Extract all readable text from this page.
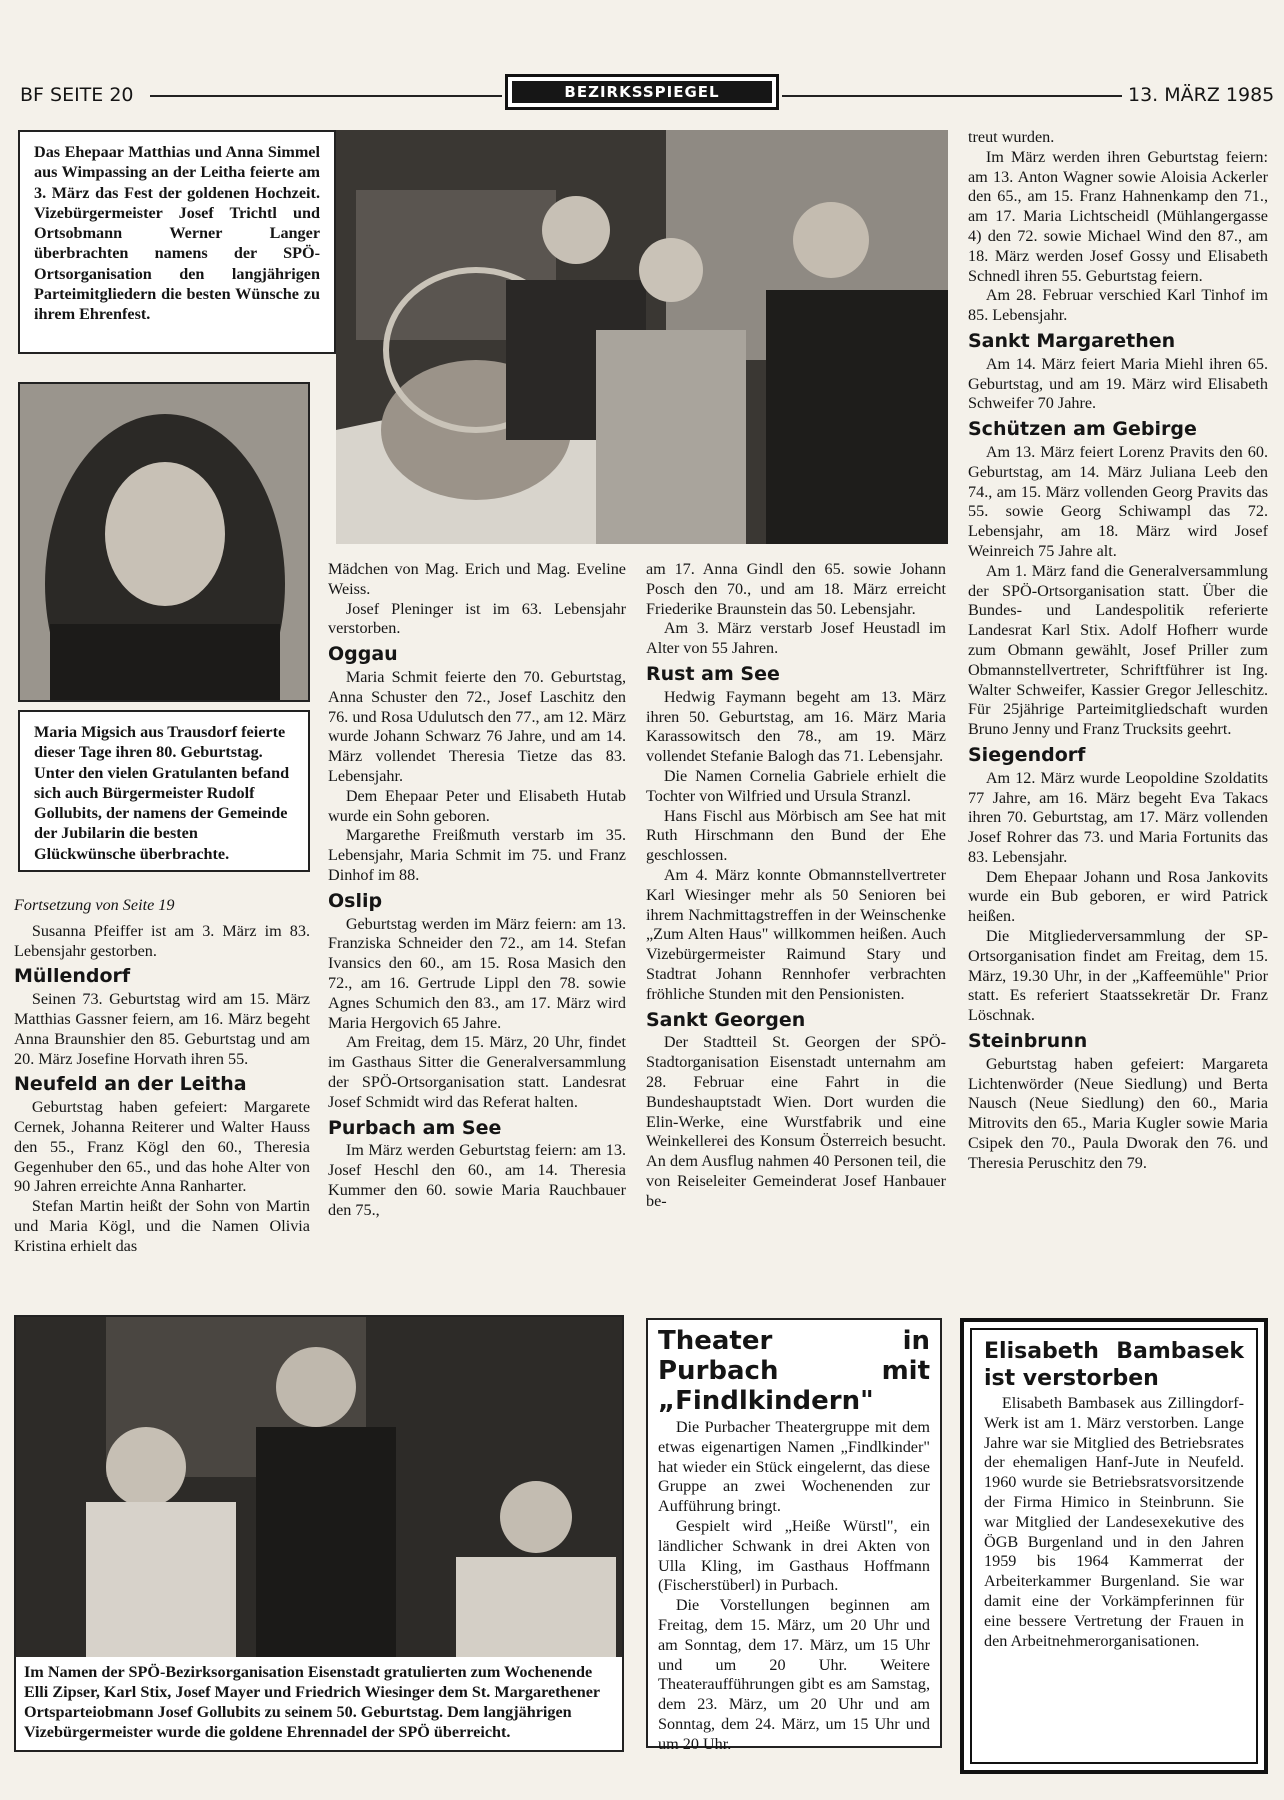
BF SEITE 20	BEZIRKSSPIEGEL	13. MÄRZ 1985
Das Ehepaar Matthias und Anna Simmel aus Wimpassing an der Leitha feierte am 3. März das Fest der goldenen Hochzeit. Vizebürgermeister Josef Trichtl und Ortsobmann Werner Langer überbrachten namens der SPÖ-Ortsorganisation den langjährigen Parteimitgliedern die besten Wünsche zu ihrem Ehrenfest.
Maria Migsich aus Trausdorf feierte dieser Tage ihren 80. Geburtstag. Unter den vielen Gratulanten befand sich auch Bürgermeister Rudolf Gollubits, der namens der Gemeinde der Jubilarin die besten Glückwünsche überbrachte.

Fortsetzung von Seite 19

Susanna Pfeiffer ist am 3. März im 83. Lebensjahr gestorben.

Müllendorf

Seinen 73. Geburtstag wird am 15. März Matthias Gassner feiern, am 16. März begeht Anna Braunshier den 85. Geburtstag und am 20. März Josefine Horvath ihren 55.

Neufeld an der Leitha

Geburtstag haben gefeiert: Margarete Cernek, Johanna Reiterer und Walter Hauss den 55., Franz Kögl den 60., Theresia Gegenhuber den 65., und das hohe Alter von 90 Jahren erreichte Anna Ranharter.

Stefan Martin heißt der Sohn von Martin und Maria Kögl, und die Namen Olivia Kristina erhielt das

Mädchen von Mag. Erich und Mag. Eveline Weiss.

Josef Pleninger ist im 63. Lebensjahr verstorben.

Oggau

Maria Schmit feierte den 70. Geburtstag, Anna Schuster den 72., Josef Laschitz den 76. und Rosa Udulutsch den 77., am 12. März wurde Johann Schwarz 76 Jahre, und am 14. März vollendet Theresia Tietze das 83. Lebensjahr.

Dem Ehepaar Peter und Elisabeth Hutab wurde ein Sohn geboren.

Margarethe Freißmuth verstarb im 35. Lebensjahr, Maria Schmit im 75. und Franz Dinhof im 88.

Oslip

Geburtstag werden im März feiern: am 13. Franziska Schneider den 72., am 14. Stefan Ivansics den 60., am 15. Rosa Masich den 72., am 16. Gertrude Lippl den 78. sowie Agnes Schumich den 83., am 17. März wird Maria Hergovich 65 Jahre.

Am Freitag, dem 15. März, 20 Uhr, findet im Gasthaus Sitter die Generalversammlung der SPÖ-Ortsorganisation statt. Landesrat Josef Schmidt wird das Referat halten.

Purbach am See

Im März werden Geburtstag feiern: am 13. Josef Heschl den 60., am 14. Theresia Kummer den 60. sowie Maria Rauchbauer den 75.,

am 17. Anna Gindl den 65. sowie Johann Posch den 70., und am 18. März erreicht Friederike Braunstein das 50. Lebensjahr.

Am 3. März verstarb Josef Heustadl im Alter von 55 Jahren.

Rust am See

Hedwig Faymann begeht am 13. März ihren 50. Geburtstag, am 16. März Maria Karassowitsch den 78., am 19. März vollendet Stefanie Balogh das 71. Lebensjahr.

Die Namen Cornelia Gabriele erhielt die Tochter von Wilfried und Ursula Stranzl.

Hans Fischl aus Mörbisch am See hat mit Ruth Hirschmann den Bund der Ehe geschlossen.

Am 4. März konnte Obmannstellvertreter Karl Wiesinger mehr als 50 Senioren bei ihrem Nachmittagstreffen in der Weinschenke „Zum Alten Haus" willkommen heißen. Auch Vizebürgermeister Raimund Stary und Stadtrat Johann Rennhofer verbrachten fröhliche Stunden mit den Pensionisten.

Sankt Georgen

Der Stadtteil St. Georgen der SPÖ-Stadtorganisation Eisenstadt unternahm am 28. Februar eine Fahrt in die Bundeshauptstadt Wien. Dort wurden die Elin-Werke, eine Wurstfabrik und eine Weinkellerei des Konsum Österreich besucht. An dem Ausflug nahmen 40 Personen teil, die von Reiseleiter Gemeinderat Josef Hanbauer be-

treut wurden.

Im März werden ihren Geburtstag feiern: am 13. Anton Wagner sowie Aloisia Ackerler den 65., am 15. Franz Hahnenkamp den 71., am 17. Maria Lichtscheidl (Mühlangergasse 4) den 72. sowie Michael Wind den 87., am 18. März werden Josef Gossy und Elisabeth Schnedl ihren 55. Geburtstag feiern.

Am 28. Februar verschied Karl Tinhof im 85. Lebensjahr.

Sankt Margarethen

Am 14. März feiert Maria Miehl ihren 65. Geburtstag, und am 19. März wird Elisabeth Schweifer 70 Jahre.

Schützen am Gebirge

Am 13. März feiert Lorenz Pravits den 60. Geburtstag, am 14. März Juliana Leeb den 74., am 15. März vollenden Georg Pravits das 55. sowie Georg Schiwampl das 72. Lebensjahr, am 18. März wird Josef Weinreich 75 Jahre alt.

Am 1. März fand die Generalversammlung der SPÖ-Ortsorganisation statt. Über die Bundes- und Landespolitik referierte Landesrat Karl Stix. Adolf Hofherr wurde zum Obmann gewählt, Josef Priller zum Obmannstellvertreter, Schriftführer ist Ing. Walter Schweifer, Kassier Gregor Jelleschitz. Für 25jährige Parteimitgliedschaft wurden Bruno Jenny und Franz Trucksits geehrt.

Siegendorf

Am 12. März wurde Leopoldine Szoldatits 77 Jahre, am 16. März begeht Eva Takacs ihren 70. Geburtstag, am 17. März vollenden Josef Rohrer das 73. und Maria Fortunits das 83. Lebensjahr.

Dem Ehepaar Johann und Rosa Jankovits wurde ein Bub geboren, er wird Patrick heißen.

Die Mitgliederversammlung der SP-Ortsorganisation findet am Freitag, dem 15. März, 19.30 Uhr, in der „Kaffeemühle" Prior statt. Es referiert Staatssekretär Dr. Franz Löschnak.

Steinbrunn

Geburtstag haben gefeiert: Margareta Lichtenwörder (Neue Siedlung) und Berta Nausch (Neue Siedlung) den 60., Maria Mitrovits den 65., Maria Kugler sowie Maria Csipek den 70., Paula Dworak den 76. und Theresia Peruschitz den 79.

Im Namen der SPÖ-Bezirksorganisation Eisenstadt gratulierten zum Wochenende Elli Zipser, Karl Stix, Josef Mayer und Friedrich Wiesinger dem St. Margarethener Ortsparteiobmann Josef Gollubits zu seinem 50. Geburtstag. Dem langjährigen Vizebürgermeister wurde die goldene Ehrennadel der SPÖ überreicht.
Theater in Purbach mit „Findlkindern"

Die Purbacher Theatergruppe mit dem etwas eigenartigen Namen „Findlkinder" hat wieder ein Stück eingelernt, das diese Gruppe an zwei Wochenenden zur Aufführung bringt.

Gespielt wird „Heiße Würstl", ein ländlicher Schwank in drei Akten von Ulla Kling, im Gasthaus Hoffmann (Fischerstüberl) in Purbach.

Die Vorstellungen beginnen am Freitag, dem 15. März, um 20 Uhr und am Sonntag, dem 17. März, um 15 Uhr und um 20 Uhr. Weitere Theateraufführungen gibt es am Samstag, dem 23. März, um 20 Uhr und am Sonntag, dem 24. März, um 15 Uhr und um 20 Uhr.

Elisabeth Bambasek ist verstorben

Elisabeth Bambasek aus Zillingdorf-Werk ist am 1. März verstorben. Lange Jahre war sie Mitglied des Betriebsrates der ehemaligen Hanf-Jute in Neufeld. 1960 wurde sie Betriebsratsvorsitzende der Firma Himico in Steinbrunn. Sie war Mitglied der Landesexekutive des ÖGB Burgenland und in den Jahren 1959 bis 1964 Kammerrat der Arbeiterkammer Burgenland. Sie war damit eine der Vorkämpferinnen für eine bessere Vertretung der Frauen in den Arbeitnehmerorganisationen.
